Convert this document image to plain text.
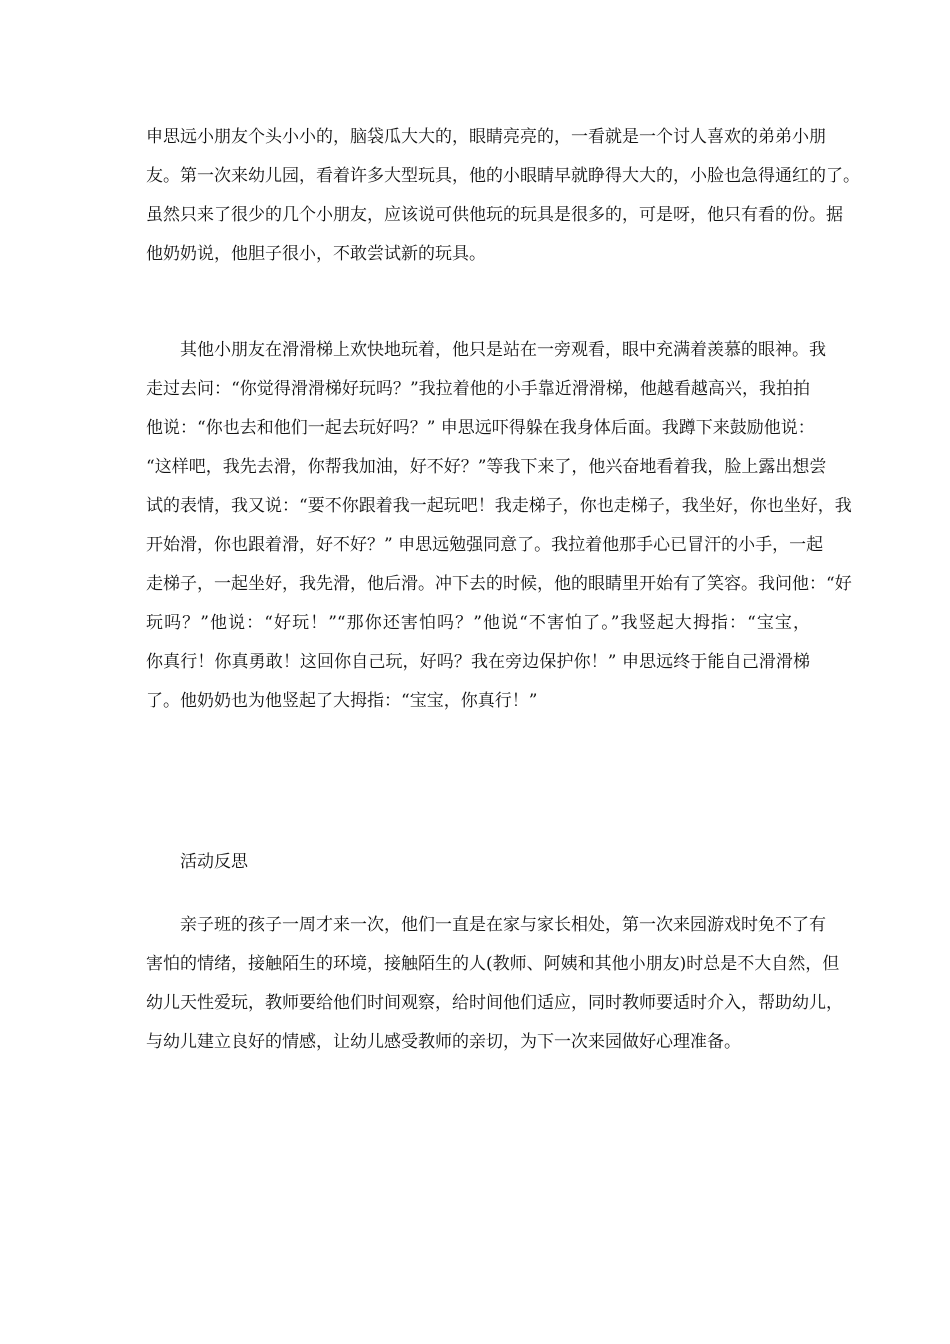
申思远小朋友个头小小的，脑袋瓜大大的，眼睛亮亮的，一看就是一个讨人喜欢的弟弟小朋
友。第一次来幼儿园，看着许多大型玩具，他的小眼睛早就睁得大大的，小脸也急得通红的了。
虽然只来了很少的几个小朋友，应该说可供他玩的玩具是很多的，可是呀，他只有看的份。据
他奶奶说，他胆子很小，不敢尝试新的玩具。
其他小朋友在滑滑梯上欢快地玩着，他只是站在一旁观看，眼中充满着羡慕的眼神。我
走过去问：“你觉得滑滑梯好玩吗？”我拉着他的小手靠近滑滑梯，他越看越高兴，我拍拍
他说：“你也去和他们一起去玩好吗？” 申思远吓得躲在我身体后面。我蹲下来鼓励他说：
“这样吧，我先去滑，你帮我加油，好不好？”等我下来了，他兴奋地看着我，脸上露出想尝
试的表情，我又说：“要不你跟着我一起玩吧！我走梯子，你也走梯子，我坐好，你也坐好，我
开始滑，你也跟着滑，好不好？” 申思远勉强同意了。我拉着他那手心已冒汗的小手，一起
走梯子，一起坐好，我先滑，他后滑。冲下去的时候，他的眼睛里开始有了笑容。我问他：“好
玩吗？”他说：“好玩！”“那你还害怕吗？”他说“不害怕了。”我竖起大拇指：“宝宝，
你真行！你真勇敢！这回你自己玩，好吗？我在旁边保护你！” 申思远终于能自己滑滑梯
了。他奶奶也为他竖起了大拇指：“宝宝，你真行！”
活动反思
亲子班的孩子一周才来一次，他们一直是在家与家长相处，第一次来园游戏时免不了有
害怕的情绪，接触陌生的环境，接触陌生的人(教师、阿姨和其他小朋友)时总是不大自然，但
幼儿天性爱玩，教师要给他们时间观察，给时间他们适应，同时教师要适时介入，帮助幼儿，
与幼儿建立良好的情感，让幼儿感受教师的亲切，为下一次来园做好心理准备。
